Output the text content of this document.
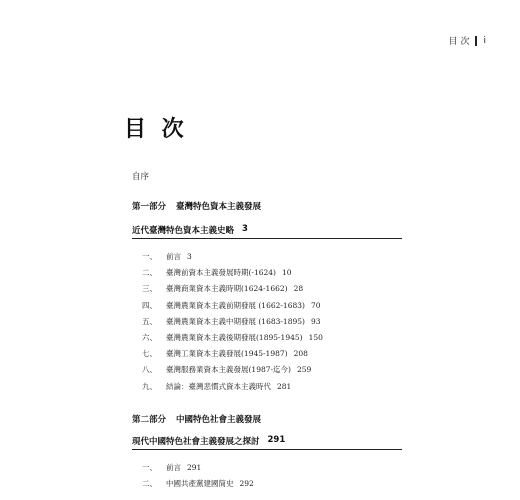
目 次 i
目 次
自序
第一部分 臺灣特色資本主義發展
近代臺灣特色資本主義史略 3
一、 前言 3
二、 臺灣前資本主義發展時期(-1624) 10
三、 臺灣商業資本主義時期(1624-1662) 28
四、 臺灣農業資本主義前期發展 (1662-1683) 70
五、 臺灣農業資本主義中期發展 (1683-1895) 93
六、 臺灣農業資本主義後期發展(1895-1945) 150
七、 臺灣工業資本主義發展(1945-1987) 208
八、 臺灣服務業資本主義發展(1987-迄今) 259
九、 結論：臺灣悲慣式資本主義時代 281
第二部分 中國特色社會主義發展
現代中國特色社會主義發展之探討 291
一、 前言 291
二、 中國共產黨建國简史 292
